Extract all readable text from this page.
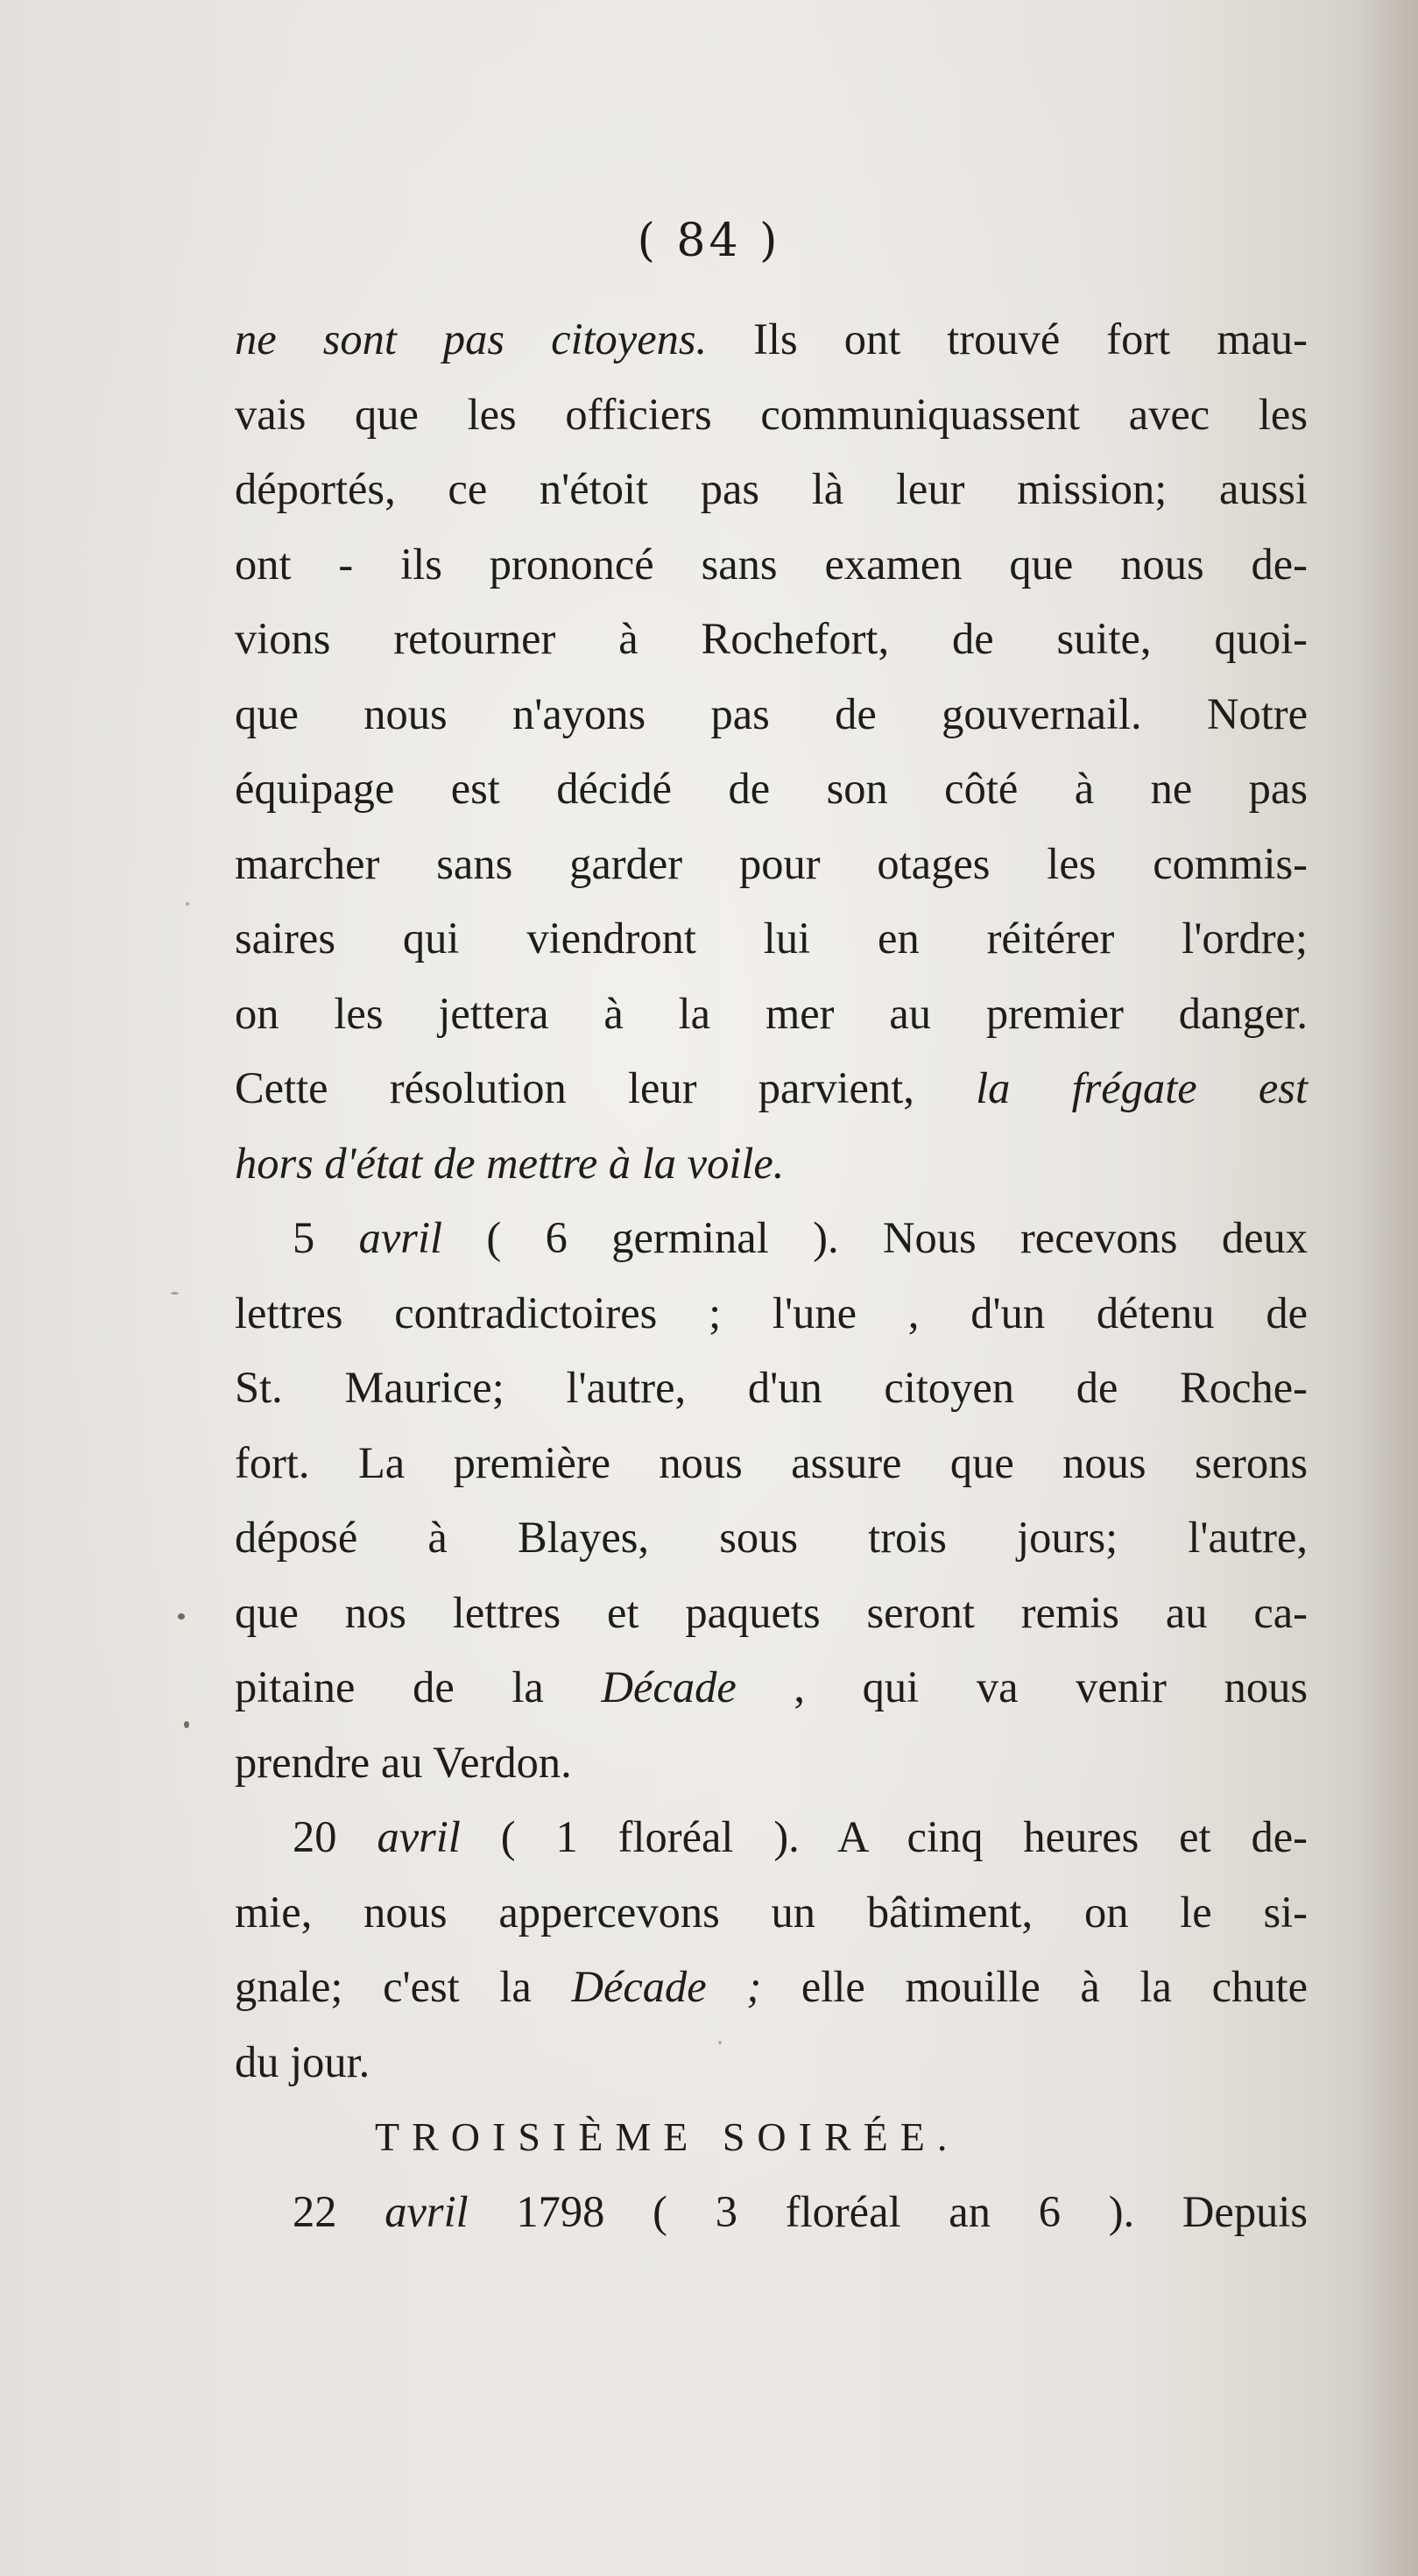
( 84 )
ne sont pas citoyens. Ils ont trouvé fort mau-
vais que les officiers communiquassent avec les
déportés, ce n'étoit pas là leur mission; aussi
ont - ils prononcé sans examen que nous de-
vions retourner à Rochefort, de suite, quoi-
que nous n'ayons pas de gouvernail. Notre
équipage est décidé de son côté à ne pas
marcher sans garder pour otages les commis-
saires qui viendront lui en réitérer l'ordre;
on les jettera à la mer au premier danger.
Cette résolution leur parvient, la frégate est
hors d'état de mettre à la voile.
5 avril ( 6 germinal ). Nous recevons deux
lettres contradictoires ; l'une , d'un détenu de
St. Maurice; l'autre, d'un citoyen de Roche-
fort. La première nous assure que nous serons
déposé à Blayes, sous trois jours; l'autre,
que nos lettres et paquets seront remis au ca-
pitaine de la Décade , qui va venir nous
prendre au Verdon.
20 avril ( 1 floréal ). A cinq heures et de-
mie, nous appercevons un bâtiment, on le si-
gnale; c'est la Décade ; elle mouille à la chute
du jour.
TROISIÈME SOIRÉE.
22 avril 1798 ( 3 floréal an 6 ). Depuis
